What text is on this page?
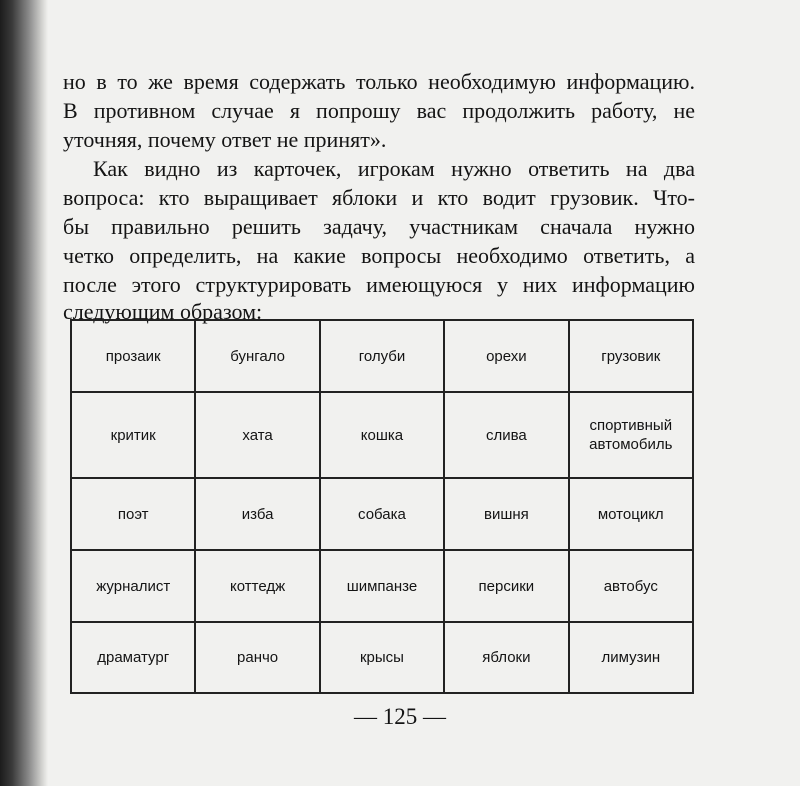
но в то же время содержать только необходимую информацию.

В противном случае я попрошу вас продолжить работу, не

уточняя, почему ответ не принят».

Как видно из карточек, игрокам нужно ответить на два

вопроса: кто выращивает яблоки и кто водит грузовик. Что-

бы правильно решить задачу, участникам сначала нужно

четко определить, на какие вопросы необходимо ответить, а

после этого структурировать имеющуюся у них информацию

следующим образом:

прозаик	бунгало	голуби	орехи	грузовик
критик	хата	кошка	слива	спортивный автомобиль
поэт	изба	собака	вишня	мотоцикл
журналист	коттедж	шимпанзе	персики	автобус
драматург	ранчо	крысы	яблоки	лимузин
— 125 —
